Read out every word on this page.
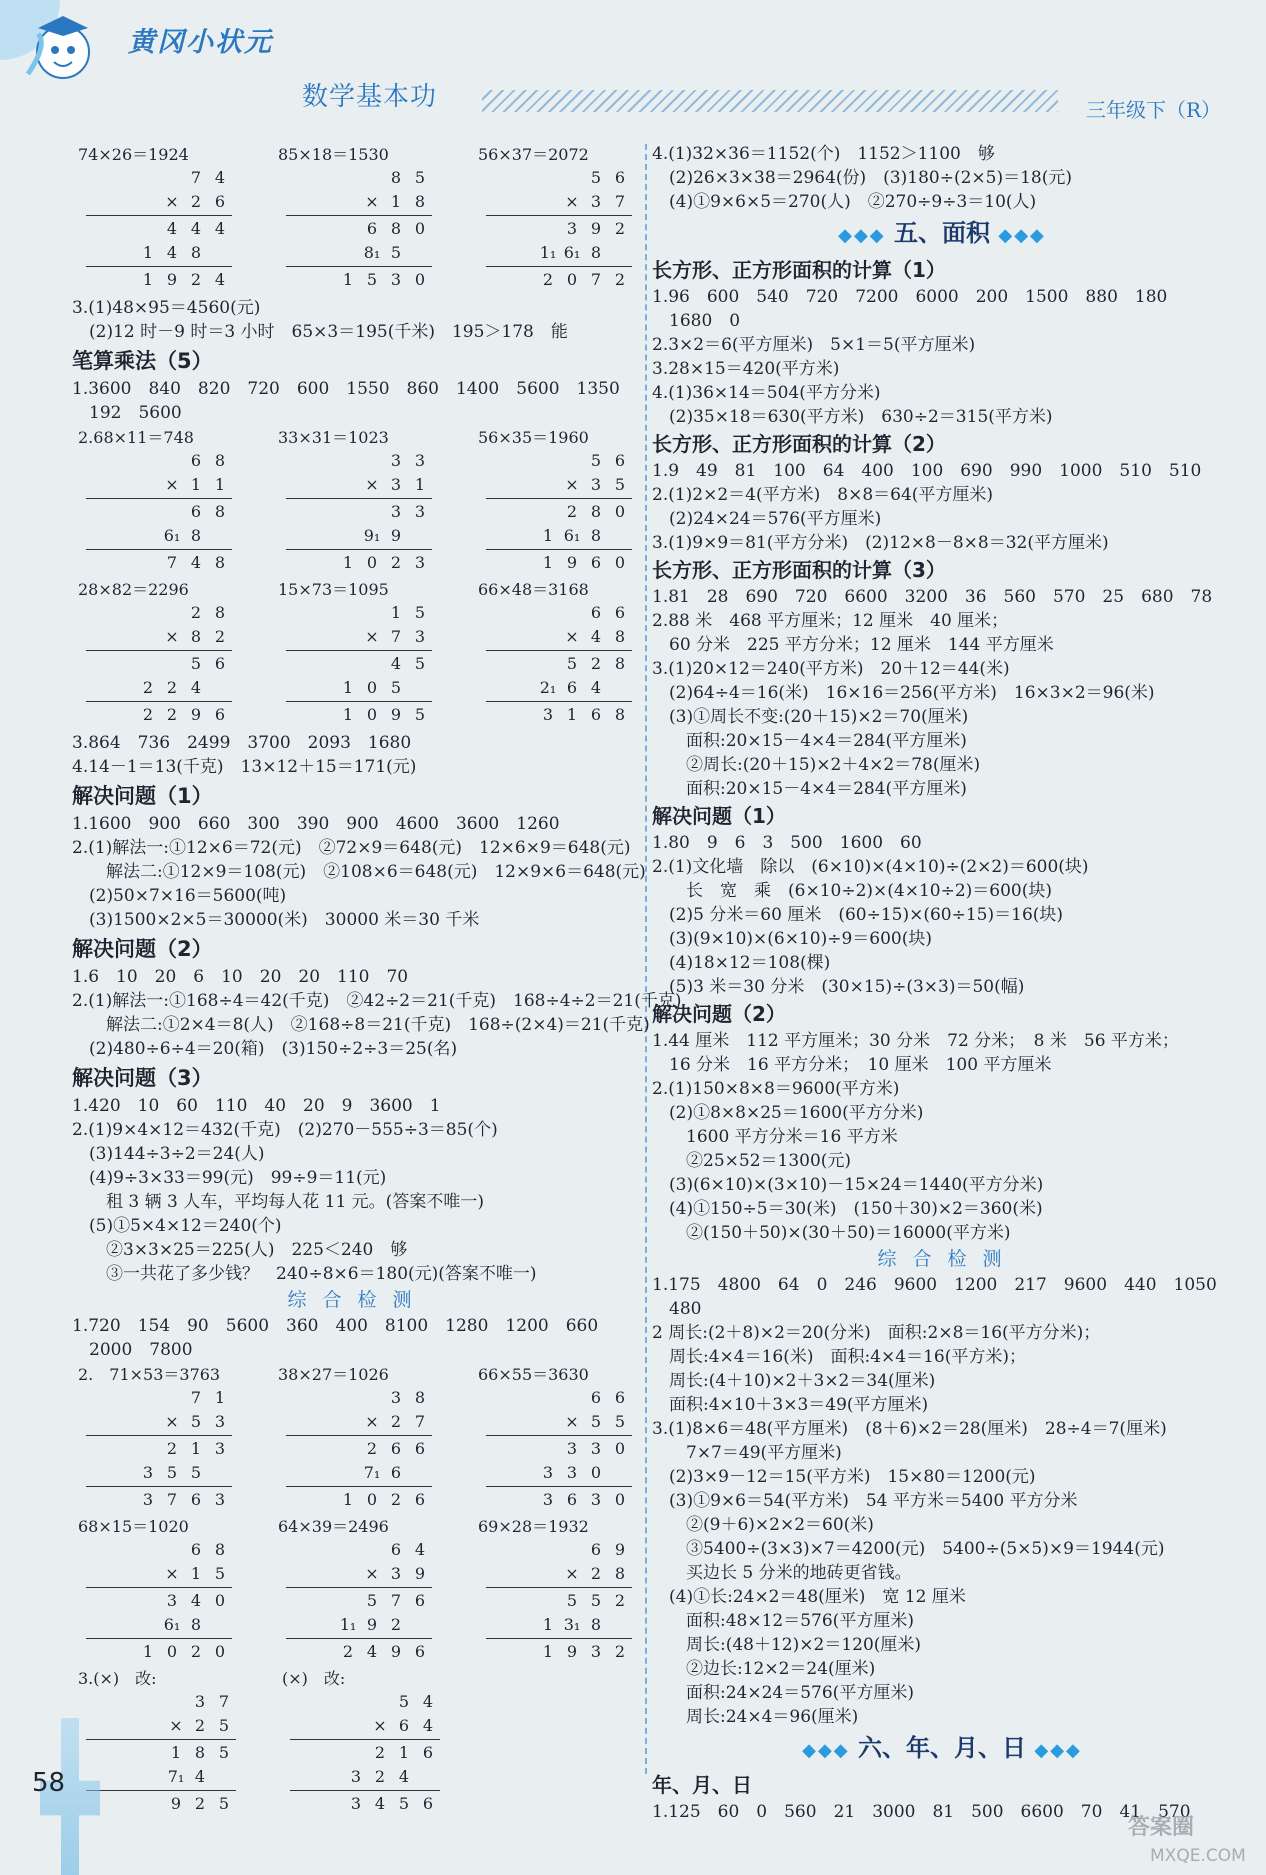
黄冈小状元
数学基本功	三年级下（R）
74×26＝1924
7 4
× 2 6
4 4 4
1 4 8
1 9 2 4
85×18＝1530
8 5
× 1 8
6 8 0
8₁ 5
1 5 3 0
56×37＝2072
5 6
× 3 7
3 9 2
1₁ 6₁ 8
2 0 7 2
3.(1)48×95＝4560(元)
　(2)12 时－9 时＝3 小时　65×3＝195(千米)　195＞178　能
笔算乘法（5）
1.3600　840　820　720　600　1550　860　1400　5600　1350
　192　5600
2.68×11＝748
6 8
× 1 1
6 8
6₁ 8
7 4 8
33×31＝1023
3 3
× 3 1
3 3
9₁ 9
1 0 2 3
56×35＝1960
5 6
× 3 5
2 8 0
1 6₁ 8
1 9 6 0
28×82＝2296
2 8
× 8 2
5 6
2 2 4
2 2 9 6
15×73＝1095
1 5
× 7 3
4 5
1 0 5
1 0 9 5
66×48＝3168
6 6
× 4 8
5 2 8
2₁ 6 4
3 1 6 8
3.864　736　2499　3700　2093　1680
4.14－1＝13(千克)　13×12＋15＝171(元)
解决问题（1）
1.1600　900　660　300　390　900　4600　3600　1260
2.(1)解法一:①12×6＝72(元)　②72×9＝648(元)　12×6×9＝648(元)
　　解法二:①12×9＝108(元)　②108×6＝648(元)　12×9×6＝648(元)
　(2)50×7×16＝5600(吨)
　(3)1500×2×5＝30000(米)　30000 米＝30 千米
解决问题（2）
1.6　10　20　6　10　20　20　110　70
2.(1)解法一:①168÷4＝42(千克)　②42÷2＝21(千克)　168÷4÷2＝21(千克)
　　解法二:①2×4＝8(人)　②168÷8＝21(千克)　168÷(2×4)＝21(千克)
　(2)480÷6÷4＝20(箱)　(3)150÷2÷3＝25(名)
解决问题（3）
1.420　10　60　110　40　20　9　3600　1
2.(1)9×4×12＝432(千克)　(2)270－555÷3＝85(个)
　(3)144÷3÷2＝24(人)
　(4)9÷3×33＝99(元)　99÷9＝11(元)
　　租 3 辆 3 人车，平均每人花 11 元。(答案不唯一)
　(5)①5×4×12＝240(个)
　　②3×3×25＝225(人)　225＜240　够
　　③一共花了多少钱？　240÷8×6＝180(元)(答案不唯一)
综 合 检 测
1.720　154　90　5600　360　400　8100　1280　1200　660
　2000　7800
2.　71×53＝3763
7 1
× 5 3
2 1 3
3 5 5
3 7 6 3
38×27＝1026
3 8
× 2 7
2 6 6
7₁ 6
1 0 2 6
66×55＝3630
6 6
× 5 5
3 3 0
3 3 0
3 6 3 0
68×15＝1020
6 8
× 1 5
3 4 0
6₁ 8
1 0 2 0
64×39＝2496
6 4
× 3 9
5 7 6
1₁ 9 2
2 4 9 6
69×28＝1932
6 9
× 2 8
5 5 2
1 3₁ 8
1 9 3 2
3.(×)　改:
3 7
× 2 5
1 8 5
7₁ 4
9 2 5
(×)　改:
5 4
× 6 4
2 1 6
3 2 4
3 4 5 6
4.(1)32×36＝1152(个)　1152＞1100　够
　(2)26×3×38＝2964(份)　(3)180÷(2×5)＝18(元)
　(4)①9×6×5＝270(人)　②270÷9÷3＝10(人)
◆◆◆ 五、面积 ◆◆◆
长方形、正方形面积的计算（1）
1.96　600　540　720　7200　6000　200　1500　880　180
　1680　0
2.3×2＝6(平方厘米)　5×1＝5(平方厘米)
3.28×15＝420(平方米)
4.(1)36×14＝504(平方分米)
　(2)35×18＝630(平方米)　630÷2＝315(平方米)
长方形、正方形面积的计算（2）
1.9　49　81　100　64　400　100　690　990　1000　510　510
2.(1)2×2＝4(平方米)　8×8＝64(平方厘米)
　(2)24×24＝576(平方厘米)
3.(1)9×9＝81(平方分米)　(2)12×8－8×8＝32(平方厘米)
长方形、正方形面积的计算（3）
1.81　28　690　720　6600　3200　36　560　570　25　680　78
2.88 米　468 平方厘米；12 厘米　40 厘米；
　60 分米　225 平方分米；12 厘米　144 平方厘米
3.(1)20×12＝240(平方米)　20＋12＝44(米)
　(2)64÷4＝16(米)　16×16＝256(平方米)　16×3×2＝96(米)
　(3)①周长不变:(20＋15)×2＝70(厘米)
　　面积:20×15－4×4＝284(平方厘米)
　　②周长:(20＋15)×2＋4×2＝78(厘米)
　　面积:20×15－4×4＝284(平方厘米)
解决问题（1）
1.80　9　6　3　500　1600　60
2.(1)文化墙　除以　(6×10)×(4×10)÷(2×2)＝600(块)
　　长　宽　乘　(6×10÷2)×(4×10÷2)＝600(块)
　(2)5 分米＝60 厘米　(60÷15)×(60÷15)＝16(块)
　(3)(9×10)×(6×10)÷9＝600(块)
　(4)18×12＝108(棵)
　(5)3 米＝30 分米　(30×15)÷(3×3)＝50(幅)
解决问题（2）
1.44 厘米　112 平方厘米；30 分米　72 分米；　8 米　56 平方米；
　16 分米　16 平方分米；　10 厘米　100 平方厘米
2.(1)150×8×8＝9600(平方米)
　(2)①8×8×25＝1600(平方分米)
　　1600 平方分米＝16 平方米
　　②25×52＝1300(元)
　(3)(6×10)×(3×10)－15×24＝1440(平方分米)
　(4)①150÷5＝30(米)　(150＋30)×2＝360(米)
　　②(150＋50)×(30＋50)＝16000(平方米)
综 合 检 测
1.175　4800　64　0　246　9600　1200　217　9600　440　1050
　480
2 周长:(2＋8)×2＝20(分米)　面积:2×8＝16(平方分米)；
　周长:4×4＝16(米)　面积:4×4＝16(平方米)；
　周长:(4＋10)×2＋3×2＝34(厘米)
　面积:4×10＋3×3＝49(平方厘米)
3.(1)8×6＝48(平方厘米)　(8＋6)×2＝28(厘米)　28÷4＝7(厘米)
　　7×7＝49(平方厘米)
　(2)3×9－12＝15(平方米)　15×80＝1200(元)
　(3)①9×6＝54(平方米)　54 平方米＝5400 平方分米
　　②(9＋6)×2×2＝60(米)
　　③5400÷(3×3)×7＝4200(元)　5400÷(5×5)×9＝1944(元)
　　买边长 5 分米的地砖更省钱。
　(4)①长:24×2＝48(厘米)　宽 12 厘米
　　面积:48×12＝576(平方厘米)
　　周长:(48＋12)×2＝120(厘米)
　　②边长:12×2＝24(厘米)
　　面积:24×24＝576(平方厘米)
　　周长:24×4＝96(厘米)
◆◆◆ 六、年、月、日 ◆◆◆
年、月、日
1.125　60　0　560　21　3000　81　500　6600　70　41　570
58
答案圈
MXQE.COM
